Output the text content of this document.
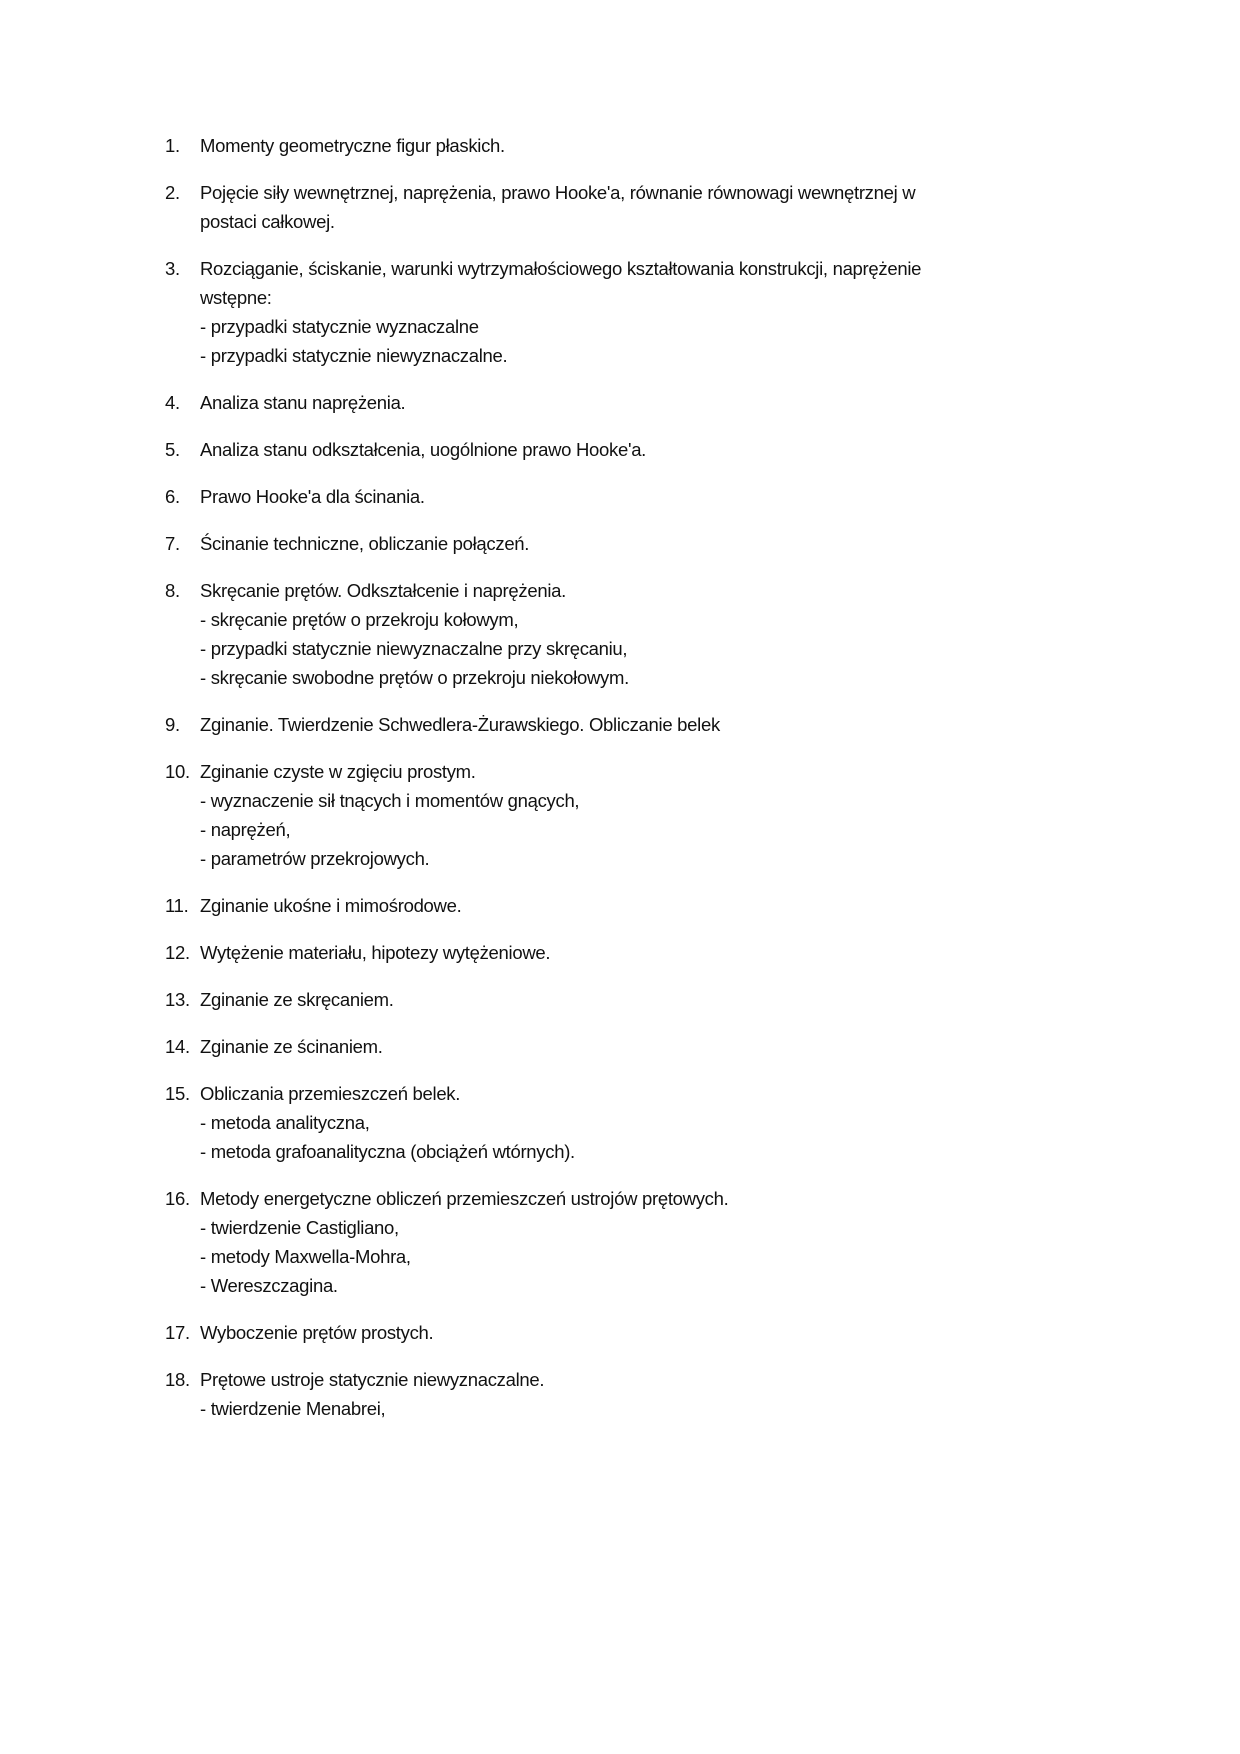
1.	Momenty geometryczne figur płaskich.
2.	Pojęcie siły wewnętrznej, naprężenia, prawo Hooke'a, równanie równowagi wewnętrznej w
postaci całkowej.
3.	Rozciąganie, ściskanie, warunki wytrzymałościowego kształtowania konstrukcji, naprężenie
wstępne:
- przypadki statycznie wyznaczalne
- przypadki statycznie niewyznaczalne.
4.	Analiza stanu naprężenia.
5.	Analiza stanu odkształcenia, uogólnione prawo Hooke'a.
6.	Prawo Hooke'a dla ścinania.
7.	Ścinanie techniczne, obliczanie połączeń.
8.	Skręcanie prętów. Odkształcenie i naprężenia.
- skręcanie prętów o przekroju kołowym,
- przypadki statycznie niewyznaczalne przy skręcaniu,
- skręcanie swobodne prętów o przekroju niekołowym.
9.	Zginanie. Twierdzenie Schwedlera-Żurawskiego. Obliczanie belek
10. Zginanie czyste w zgięciu prostym.
- wyznaczenie sił tnących i momentów gnących,
- naprężeń,
- parametrów przekrojowych.
11. Zginanie ukośne i mimośrodowe.
12. Wytężenie materiału, hipotezy wytężeniowe.
13. Zginanie ze skręcaniem.
14. Zginanie ze ścinaniem.
15. Obliczania przemieszczeń belek.
- metoda analityczna,
- metoda grafoanalityczna (obciążeń wtórnych).
16. Metody energetyczne obliczeń przemieszczeń ustrojów prętowych.
- twierdzenie Castigliano,
- metody Maxwella-Mohra,
- Wereszczagina.
17. Wyboczenie prętów prostych.
18. Prętowe ustroje statycznie niewyznaczalne.
- twierdzenie Menabrei,
